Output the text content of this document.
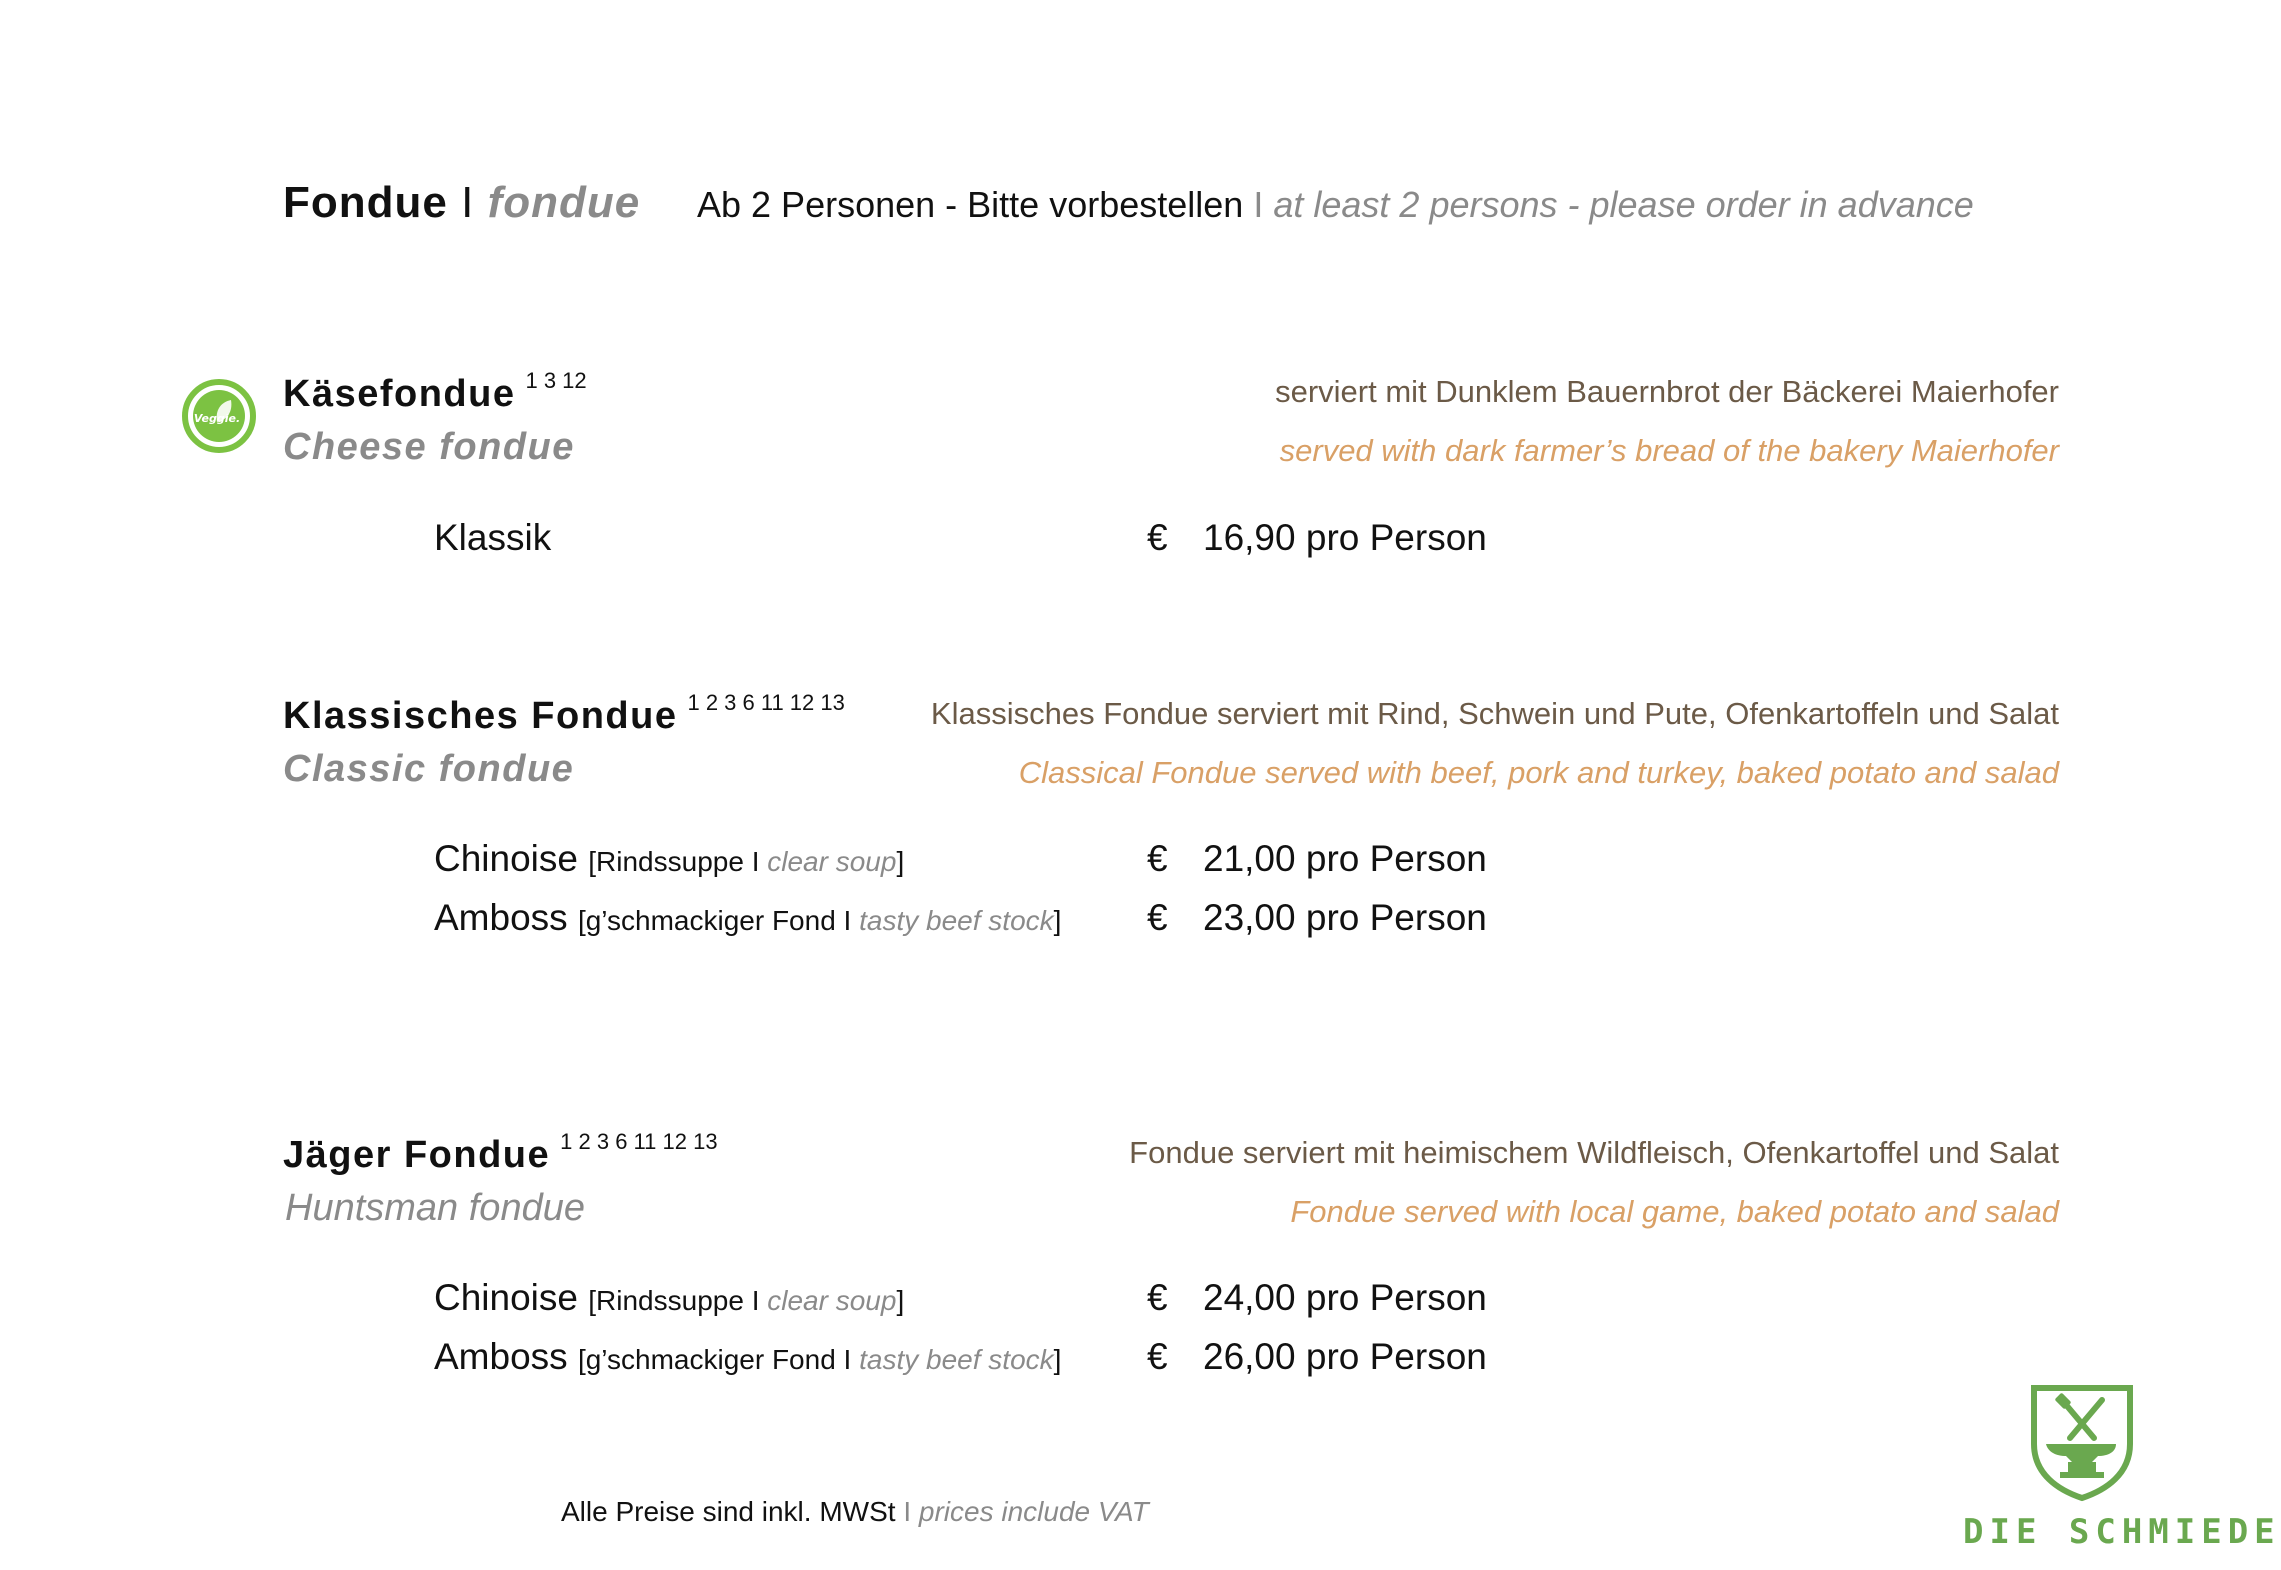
Fondue I fondue Ab 2 Personen - Bitte vorbestellen I at least 2 persons - please order in advance
Veggie.
Käsefondue $^{1 3 12}$
Cheese fondue
serviert mit Dunklem Bauernbrot der Bäckerei Maierhofer
served with dark farmer’s bread of the bakery Maierhofer
Klassik	€ 16,90 pro Person
Klassisches Fondue $^{1 2 3 6 11 12 13}$
Classic fondue
Klassisches Fondue serviert mit Rind, Schwein und Pute, Ofenkartoffeln und Salat
Classical Fondue served with beef, pork and turkey, baked potato and salad
Chinoise [Rindssuppe I clear soup]	€ 21,00 pro Person
Amboss [g’schmackiger Fond I tasty beef stock] € 23,00 pro Person
Jäger Fondue $^{1 2 3 6 11 12 13}$
Huntsman fondue
Fondue serviert mit heimischem Wildfleisch, Ofenkartoffel und Salat
Fondue served with local game, baked potato and salad
Chinoise [Rindssuppe I clear soup]	€ 24,00 pro Person
Amboss [g’schmackiger Fond I tasty beef stock] € 26,00 pro Person
Alle Preise sind inkl. MWSt I prices include VAT
DIE SCHMIEDE
